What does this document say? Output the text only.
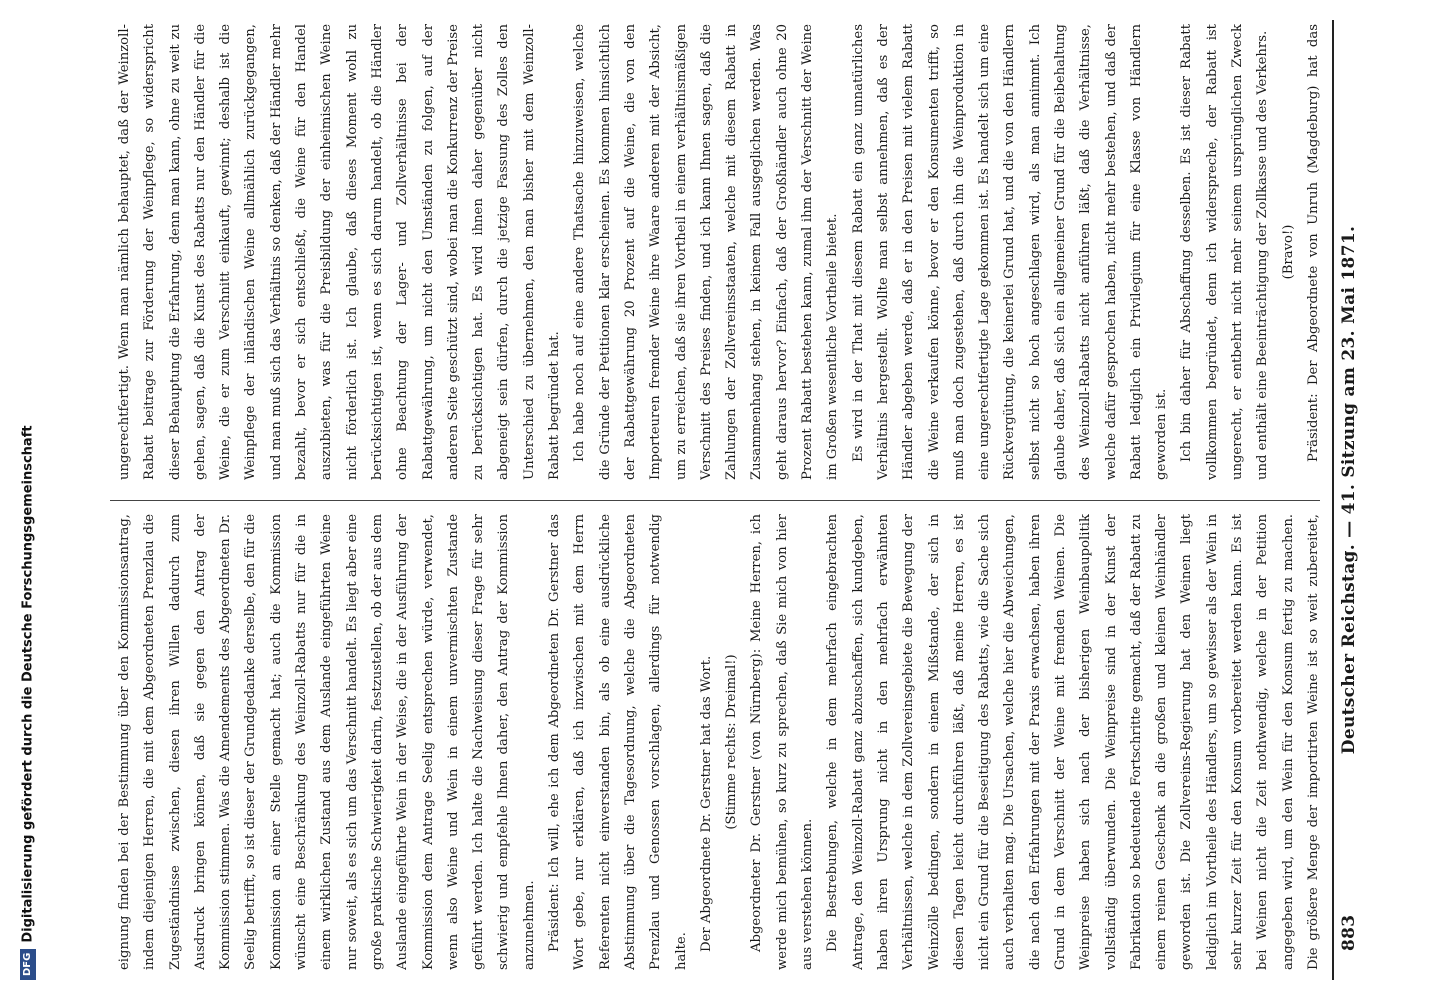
Deutscher Reichstag. — 41. Sitzung am 23. Mai 1871.
883

eignung finden bei der Bestimmung über den Kommissionsantrag, indem diejenigen Herren, die mit dem Abgeordneten Prenzlau die Zugeständnisse zwischen, diesen ihren Willen dadurch zum Ausdruck bringen können, daß sie gegen den Antrag der Kommission stimmen. Was die Amendements des Abgeordneten Dr. Seelig betrifft, so ist dieser der Grundgedanke derselbe, den für die Kommission an einer Stelle gemacht hat; auch die Kommission wünscht eine Beschränkung des Weinzoll-Rabatts nur für die in einem wirklichen Zustand aus dem Auslande eingeführten Weine nur soweit, als es sich um das Verschnitt handelt. Es liegt aber eine große praktische Schwierigkeit darin, festzustellen, ob der aus dem Auslande eingeführte Wein in der Weise, die in der Ausführung der Kommission dem Antrage Seelig entsprechen würde, verwendet, wenn also Weine und Wein in einem unvermischten Zustande geführt werden. Ich halte die Nachweisung dieser Frage für sehr schwierig und empfehle Ihnen daher, den Antrag der Kommission anzunehmen. Präsident: Ich will, ehe ich dem Abgeordneten Dr. Gerstner das Wort gebe, nur erklären, daß ich inzwischen mit dem Herrn Referenten nicht einverstanden bin, als ob eine ausdrückliche Abstimmung über die Tagesordnung, welche die Abgeordneten Prenzlau und Genossen vorschlagen, allerdings für notwendig halte. Der Abgeordnete Dr. Gerstner hat das Wort. (Stimme rechts: Dreimal!) Abgeordneter Dr. Gerstner (von Nürnberg): Meine Herren, ich werde mich bemühen, so kurz zu sprechen, daß Sie mich von hier aus verstehen können. Die Bestrebungen, welche in dem mehrfach eingebrachten Antrage, den Weinzoll-Rabatt ganz abzuschaffen, sich kundgeben, haben ihren Ursprung nicht in den mehrfach erwähnten Verhältnissen, welche in dem Zollvereinsgebiete die Bewegung der Weinzölle bedingen, sondern in einem Mißstande, der sich in diesen Tagen leicht durchführen läßt, daß meine Herren, es ist nicht ein Grund für die Beseitigung des Rabatts, wie die Sache sich auch verhalten mag. Die Ursachen, welche hier die Abweichungen, die nach den Erfahrungen mit der Praxis erwachsen, haben ihren Grund in dem Verschnitt der Weine mit fremden Weinen. Die Weinpreise haben sich nach der bisherigen Weinbaupolitik vollständig überwunden. Die Weinpreise sind in der Kunst der Fabrikation so bedeutende Fortschritte gemacht, daß der Rabatt zu einem reinen Geschenk an die großen und kleinen Weinhändler geworden ist. Die Zollvereins-Regierung hat den Weinen liegt lediglich im Vortheile des Händlers, um so gewisser als der Wein in sehr kurzer Zeit für den Konsum vorbereitet werden kann. Es ist bei Weinen nicht die Zeit nothwendig, welche in der Petition angegeben wird, um den Wein für den Konsum fertig zu machen. Die größere Menge der importirten Weine ist so weit zubereitet,

ungerechtfertigt. Wenn man nämlich behauptet, daß der Weinzoll-Rabatt beitrage zur Förderung der Weinpflege, so widerspricht dieser Behauptung die Erfahrung, denn man kann, ohne zu weit zu gehen, sagen, daß die Kunst des Rabatts nur den Händler für die Weine, die er zum Verschnitt einkauft, gewinnt; deshalb ist die Weinpflege der inländischen Weine allmählich zurückgegangen, und man muß sich das Verhältnis so denken, daß der Händler mehr bezahlt, bevor er sich entschließt, die Weine für den Handel auszubieten, was für die Preisbildung der einheimischen Weine nicht förderlich ist. Ich glaube, daß dieses Moment wohl zu berücksichtigen ist, wenn es sich darum handelt, ob die Händler ohne Beachtung der Lager- und Zollverhältnisse bei der Rabattgewährung, um nicht den Umständen zu folgen, auf der anderen Seite geschützt sind, wobei man die Konkurrenz der Preise zu berücksichtigen hat. Es wird ihnen daher gegenüber nicht abgeneigt sein dürfen, durch die jetzige Fassung des Zolles den Unterschied zu übernehmen, den man bisher mit dem Weinzoll-Rabatt begründet hat. Ich habe noch auf eine andere Thatsache hinzuweisen, welche die Gründe der Petitionen klar erscheinen. Es kommen hinsichtlich der Rabattgewährung 20 Prozent auf die Weine, die von den Importeuren fremder Weine ihre Waare anderen mit der Absicht, um zu erreichen, daß sie ihren Vortheil in einem verhältnismäßigen Verschnitt des Preises finden, und ich kann Ihnen sagen, daß die Zahlungen der Zollvereinsstaaten, welche mit diesem Rabatt in Zusammenhang stehen, in keinem Fall ausgeglichen werden. Was geht daraus hervor? Einfach, daß der Großhändler auch ohne 20 Prozent Rabatt bestehen kann, zumal ihm der Verschnitt der Weine im Großen wesentliche Vortheile bietet. Es wird in der That mit diesem Rabatt ein ganz unnatürliches Verhältnis hergestellt. Wollte man selbst annehmen, daß es der Händler abgeben werde, daß er in den Preisen mit vielem Rabatt die Weine verkaufen könne, bevor er den Konsumenten trifft, so muß man doch zugestehen, daß durch ihn die Weinproduktion in eine ungerechtfertigte Lage gekommen ist. Es handelt sich um eine Rückvergütung, die keinerlei Grund hat, und die von den Händlern selbst nicht so hoch angeschlagen wird, als man annimmt. Ich glaube daher, daß sich ein allgemeiner Grund für die Beibehaltung des Weinzoll-Rabatts nicht anführen läßt, daß die Verhältnisse, welche dafür gesprochen haben, nicht mehr bestehen, und daß der Rabatt lediglich ein Privilegium für eine Klasse von Händlern geworden ist. Ich bin daher für Abschaffung desselben. Es ist dieser Rabatt vollkommen begründet, denn ich widerspreche, der Rabatt ist ungerecht, er entbehrt nicht mehr seinem ursprünglichen Zweck und enthält eine Beeinträchtigung der Zollkasse und des Verkehrs. (Bravo!)

Präsident: Der Abgeordnete von Unruh (Magdeburg) hat das

DFGDigitalisierung gefördert durch die Deutsche Forschungsgemeinschaft
